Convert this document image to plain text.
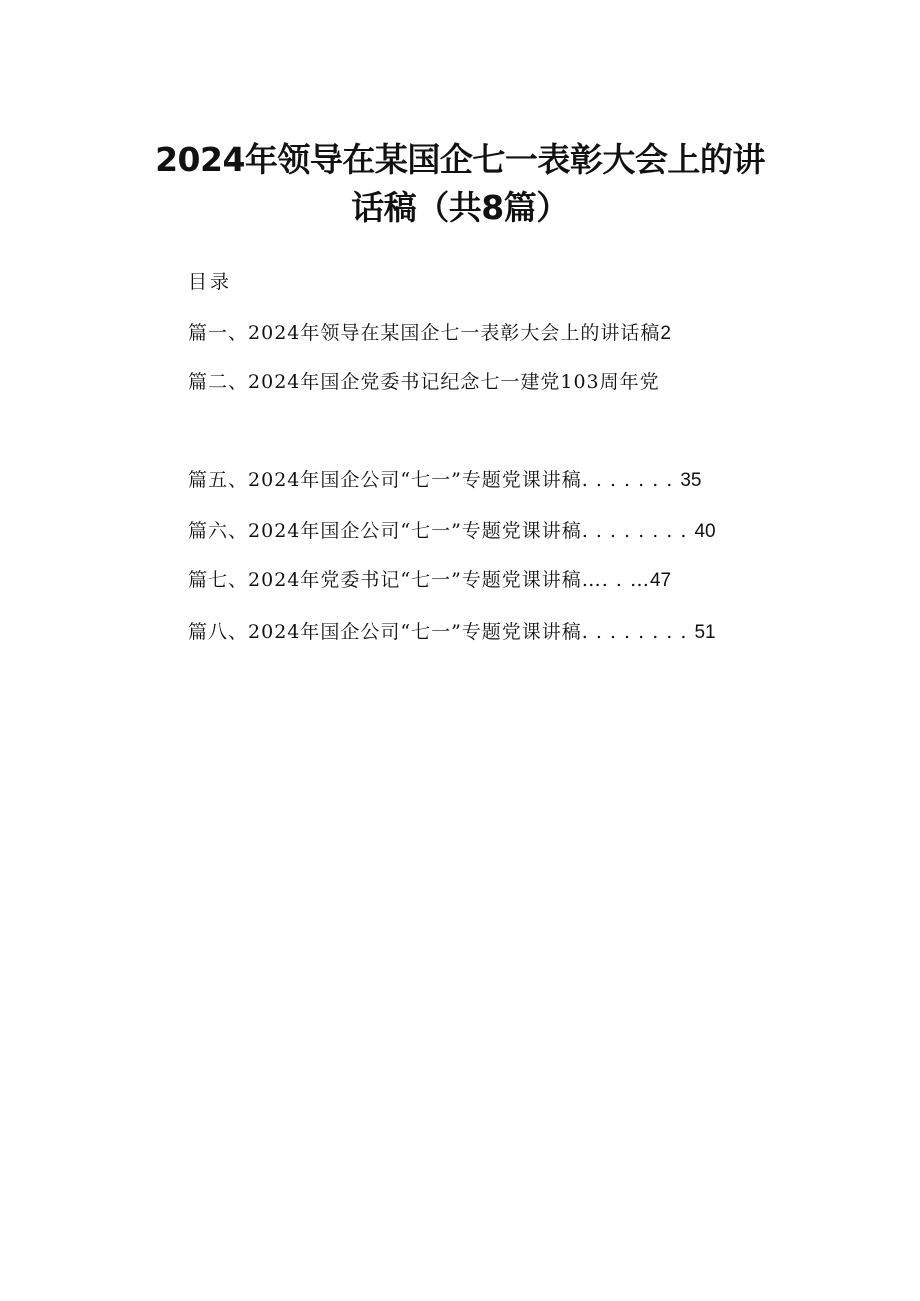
2024年领导在某国企七一表彰大会上的讲
话稿（共8篇）
目录
篇一、2024年领导在某国企七一表彰大会上的讲话稿2
篇二、2024年国企党委书记纪念七一建党103周年党
篇五、2024年国企公司“七一”专题党课讲稿. . . . . . . 35
篇六、2024年国企公司“七一”专题党课讲稿. . . . . . . . 40
篇七、2024年党委书记“七一”专题党课讲稿…. . …47
篇八、2024年国企公司“七一”专题党课讲稿. . . . . . . . 51
